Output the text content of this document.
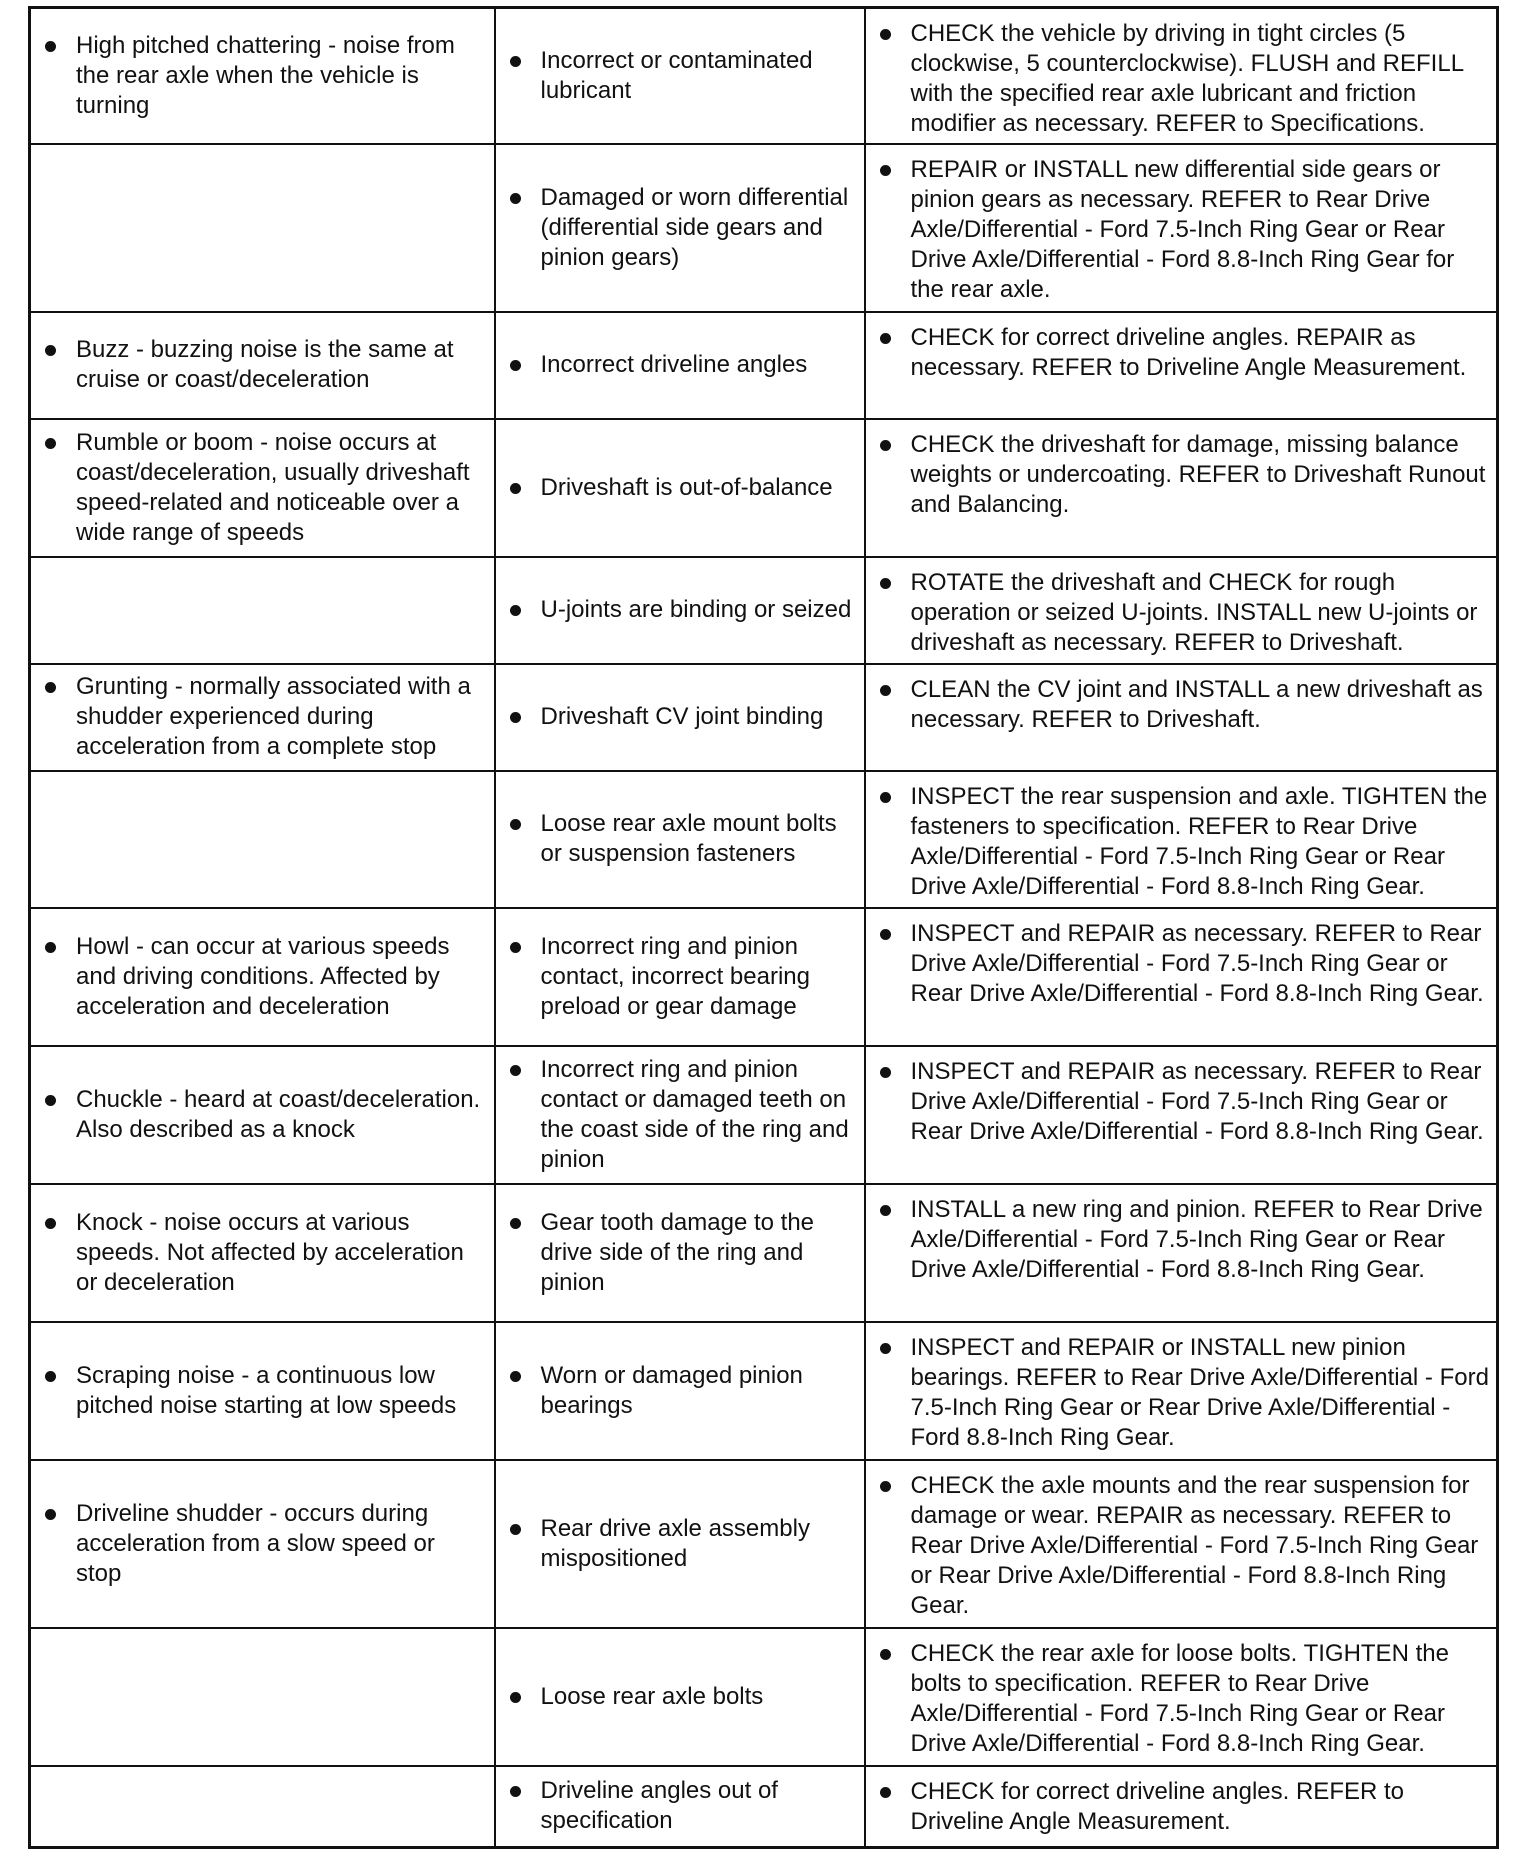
High pitched chattering - noise from the rear axle when the vehicle is turning	Incorrect or contaminated lubricant	CHECK the vehicle by driving in tight circles (5 clockwise, 5 counterclockwise). FLUSH and REFILL with the specified rear axle lubricant and friction modifier as necessary. REFER to Specifications.

	Damaged or worn differential (differential side gears and pinion gears)	REPAIR or INSTALL new differential side gears or pinion gears as necessary. REFER to Rear Drive Axle/Differential - Ford 7.5-Inch Ring Gear or Rear Drive Axle/Differential - Ford 8.8-Inch Ring Gear for the rear axle.

Buzz - buzzing noise is the same at cruise or coast/deceleration	Incorrect driveline angles	CHECK for correct driveline angles. REPAIR as necessary. REFER to Driveline Angle Measurement.

Rumble or boom - noise occurs at coast/deceleration, usually driveshaft speed-related and noticeable over a wide range of speeds	Driveshaft is out-of-balance	CHECK the driveshaft for damage, missing balance weights or undercoating. REFER to Driveshaft Runout and Balancing.

	U-joints are binding or seized	ROTATE the driveshaft and CHECK for rough operation or seized U-joints. INSTALL new U-joints or driveshaft as necessary. REFER to Driveshaft.

Grunting - normally associated with a shudder experienced during acceleration from a complete stop	Driveshaft CV joint binding	CLEAN the CV joint and INSTALL a new driveshaft as necessary. REFER to Driveshaft.

	Loose rear axle mount bolts or suspension fasteners	INSPECT the rear suspension and axle. TIGHTEN the fasteners to specification. REFER to Rear Drive Axle/Differential - Ford 7.5-Inch Ring Gear or Rear Drive Axle/Differential - Ford 8.8-Inch Ring Gear.

Howl - can occur at various speeds and driving conditions. Affected by acceleration and deceleration	Incorrect ring and pinion contact, incorrect bearing preload or gear damage	INSPECT and REPAIR as necessary. REFER to Rear Drive Axle/Differential - Ford 7.5-Inch Ring Gear or Rear Drive Axle/Differential - Ford 8.8-Inch Ring Gear.

Chuckle - heard at coast/deceleration. Also described as a knock	Incorrect ring and pinion contact or damaged teeth on the coast side of the ring and pinion	INSPECT and REPAIR as necessary. REFER to Rear Drive Axle/Differential - Ford 7.5-Inch Ring Gear or Rear Drive Axle/Differential - Ford 8.8-Inch Ring Gear.

Knock - noise occurs at various speeds. Not affected by acceleration or deceleration	Gear tooth damage to the drive side of the ring and pinion	INSTALL a new ring and pinion. REFER to Rear Drive Axle/Differential - Ford 7.5-Inch Ring Gear or Rear Drive Axle/Differential - Ford 8.8-Inch Ring Gear.

Scraping noise - a continuous low pitched noise starting at low speeds	Worn or damaged pinion bearings	INSPECT and REPAIR or INSTALL new pinion bearings. REFER to Rear Drive Axle/Differential - Ford 7.5-Inch Ring Gear or Rear Drive Axle/Differential - Ford 8.8-Inch Ring Gear.

Driveline shudder - occurs during acceleration from a slow speed or stop	Rear drive axle assembly mispositioned	CHECK the axle mounts and the rear suspension for damage or wear. REPAIR as necessary. REFER to Rear Drive Axle/Differential - Ford 7.5-Inch Ring Gear or Rear Drive Axle/Differential - Ford 8.8-Inch Ring Gear.

	Loose rear axle bolts	CHECK the rear axle for loose bolts. TIGHTEN the bolts to specification. REFER to Rear Drive Axle/Differential - Ford 7.5-Inch Ring Gear or Rear Drive Axle/Differential - Ford 8.8-Inch Ring Gear.

	Driveline angles out of specification	CHECK for correct driveline angles. REFER to Driveline Angle Measurement.
